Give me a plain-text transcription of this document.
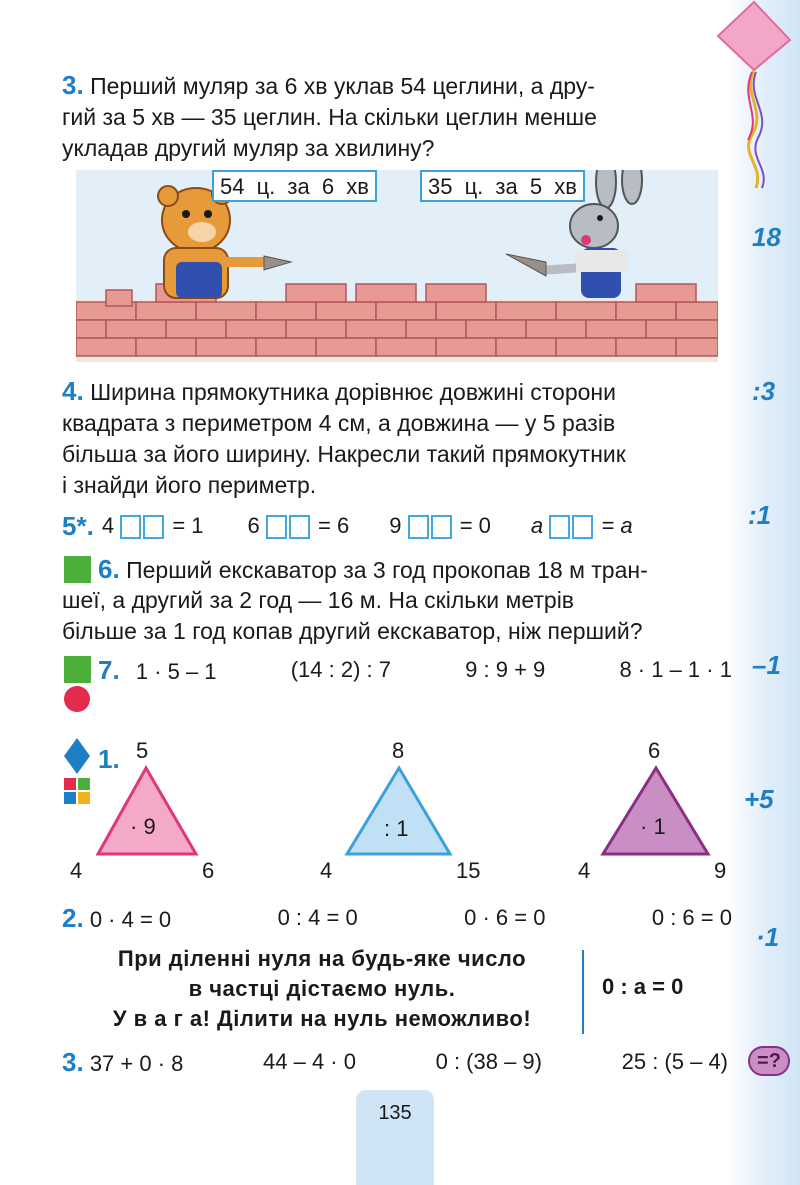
18
:3
:1
–1
+5
·1
=?
3. Перший муляр за 6 хв уклав 54 цеглини, а дру-
гий за 5 хв — 35 цеглин. На скільки цеглин менше
укладав другий муляр за хвилину?
54 ц. за 6 хв	35 ц. за 5 хв
4. Ширина прямокутника дорівнює довжині сторони
квадрата з периметром 4 см, а довжина — у 5 разів
більша за його ширину. Накресли такий прямокутник
і знайди його периметр.
5*. 4	= 1 6	= 6 9	= 0 a	= a
6. Перший екскаватор за 3 год прокопав 18 м тран-
шеї, а другий за 2 год — 16 м. На скільки метрів
більше за 1 год копав другий екскаватор, ніж перший?
7. 1 · 5 – 1	(14 : 2) : 7	9 : 9 + 9	8 · 1 – 1 · 1
1. 5
4	6
· 9
8
4	15
: 1
6
4	9
· 1
2. 0 · 4 = 0	0 : 4 = 0	0 · 6 = 0	0 : 6 = 0
При діленні нуля на будь-яке число
в частці дістаємо нуль.
У в а г а! Ділити на нуль неможливо!
0 : a = 0
3. 37 + 0 · 8	44 – 4 · 0	0 : (38 – 9)	25 : (5 – 4)
135
